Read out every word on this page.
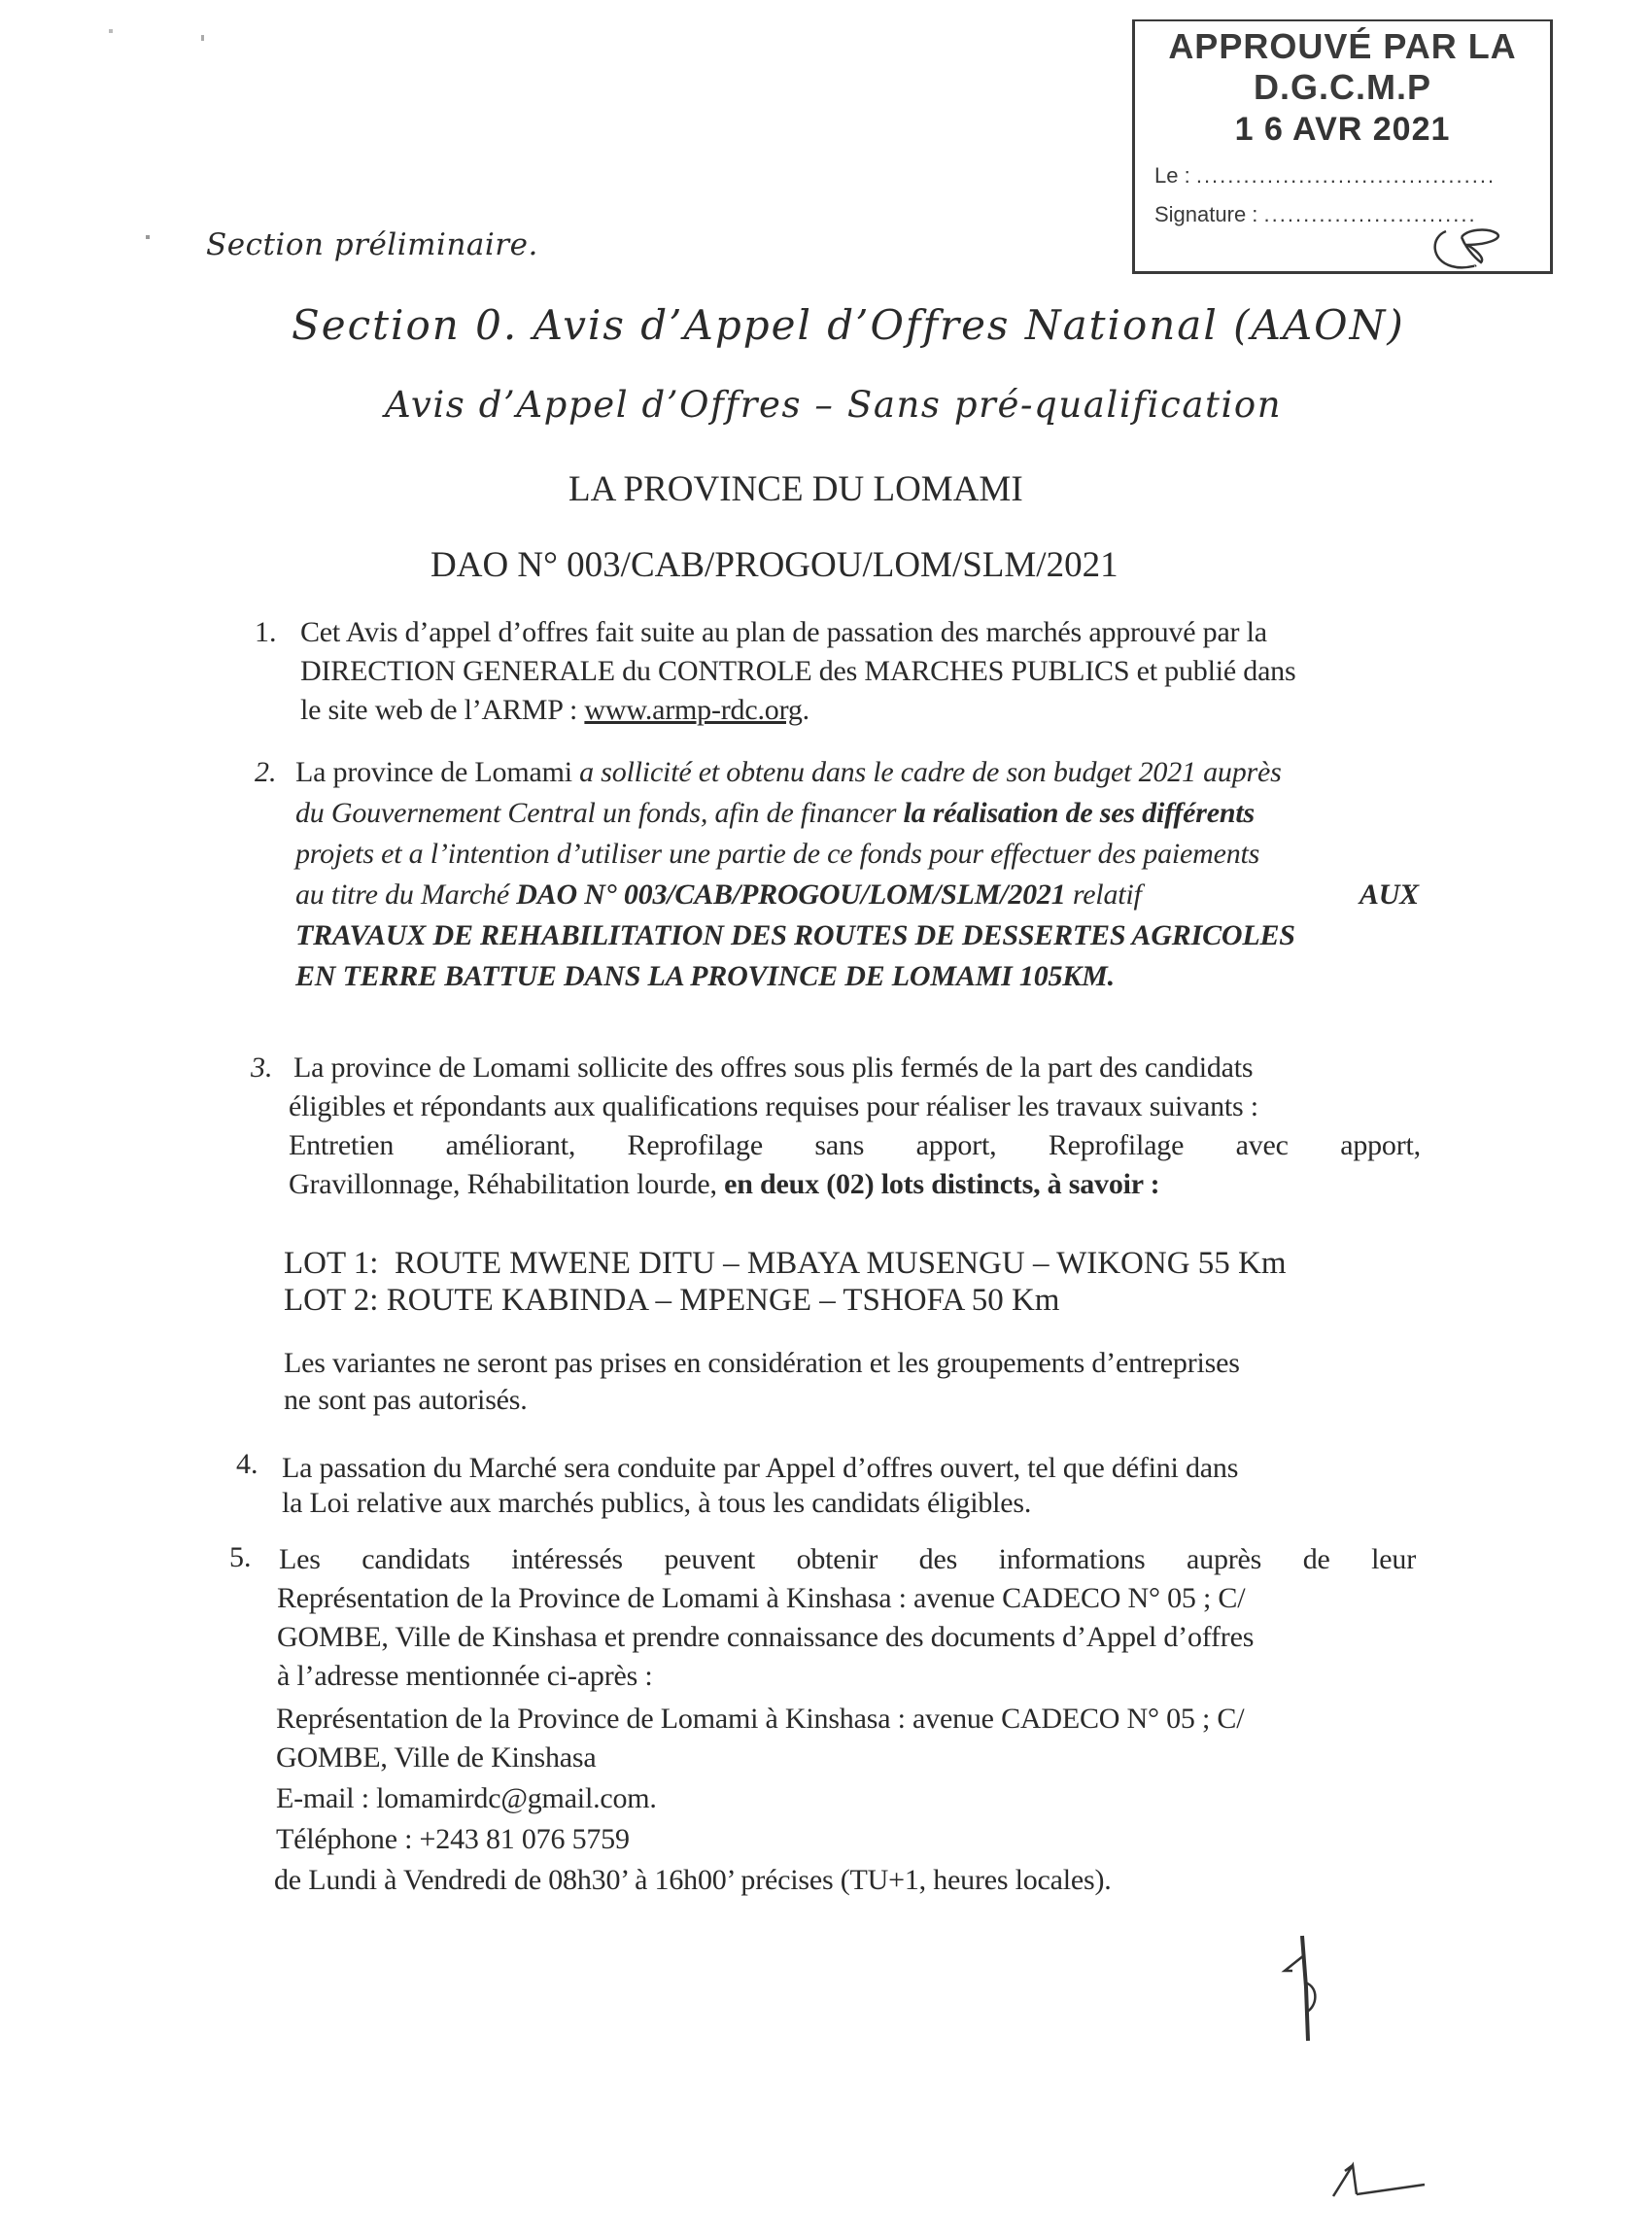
APPROUVÉ PAR LA
D.G.C.M.P
1 6 AVR 2021
Le : ......................................
Signature : ...........................
Section préliminaire.
Section 0. Avis d’Appel d’Offres National (AAON)
Avis d’Appel d’Offres – Sans pré-qualification
LA PROVINCE DU LOMAMI
DAO N° 003/CAB/PROGOU/LOM/SLM/2021
1. Cet Avis d’appel d’offres fait suite au plan de passation des marchés approuvé par la
DIRECTION GENERALE du CONTROLE des MARCHES PUBLICS et publié dans
le site web de l’ARMP : www.armp-rdc.org.
2. La province de Lomami a sollicité et obtenu dans le cadre de son budget 2021 auprès
du Gouvernement Central un fonds, afin de financer la réalisation de ses différents
projets et a l’intention d’utiliser une partie de ce fonds pour effectuer des paiements
au titre du Marché DAO N° 003/CAB/PROGOU/LOM/SLM/2021 relatif	AUX
TRAVAUX DE REHABILITATION DES ROUTES DE DESSERTES AGRICOLES
EN TERRE BATTUE DANS LA PROVINCE DE LOMAMI 105KM.
3. La province de Lomami sollicite des offres sous plis fermés de la part des candidats
éligibles et répondants aux qualifications requises pour réaliser les travaux suivants :
Entretien améliorant, Reprofilage sans apport, Reprofilage avec apport,
Gravillonnage, Réhabilitation lourde, en deux (02) lots distincts, à savoir :
LOT 1: ROUTE MWENE DITU – MBAYA MUSENGU – WIKONG 55 Km
LOT 2: ROUTE KABINDA – MPENGE – TSHOFA 50 Km
Les variantes ne seront pas prises en considération et les groupements d’entreprises
ne sont pas autorisés.
4. La passation du Marché sera conduite par Appel d’offres ouvert, tel que défini dans
la Loi relative aux marchés publics, à tous les candidats éligibles.
5. Les candidats intéressés peuvent obtenir des informations auprès de leur
Représentation de la Province de Lomami à Kinshasa : avenue CADECO N° 05 ; C/
GOMBE, Ville de Kinshasa et prendre connaissance des documents d’Appel d’offres
à l’adresse mentionnée ci-après :
Représentation de la Province de Lomami à Kinshasa : avenue CADECO N° 05 ; C/
GOMBE, Ville de Kinshasa
E-mail : lomamirdc@gmail.com.
Téléphone : +243 81 076 5759
de Lundi à Vendredi de 08h30’ à 16h00’ précises (TU+1, heures locales).
